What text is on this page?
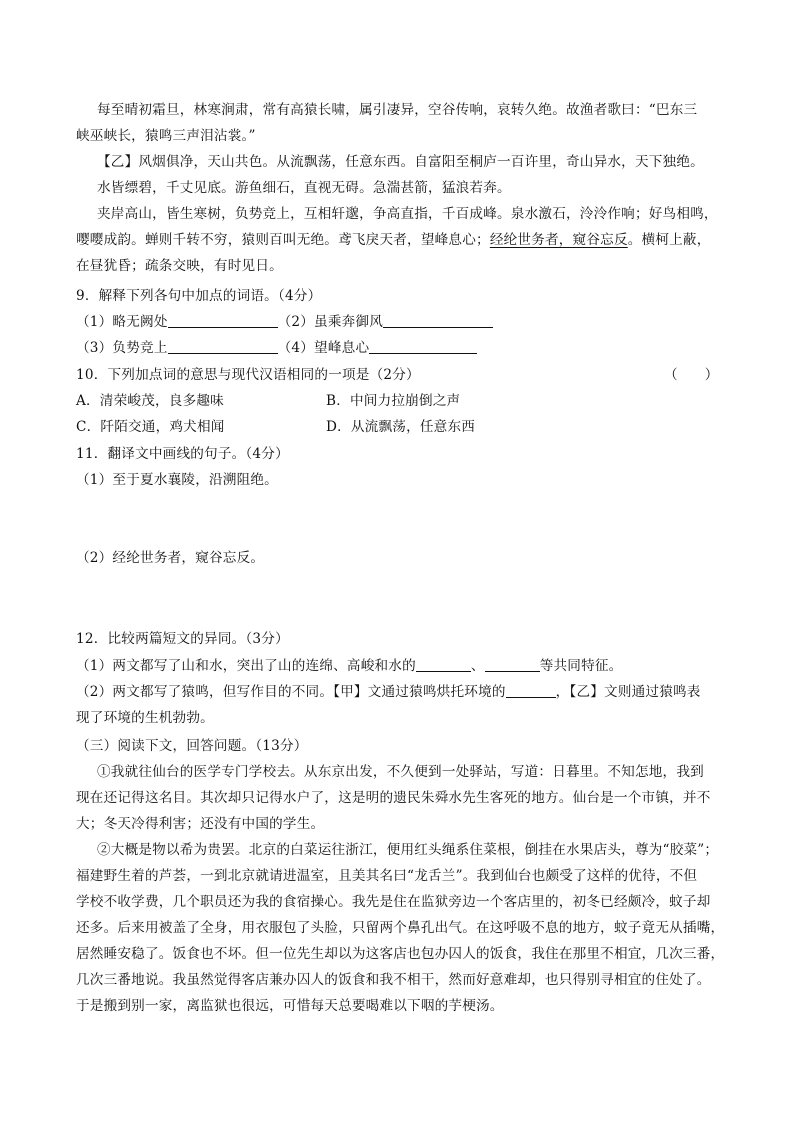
每至晴初霜旦，林寒涧肃，常有高猿长啸，属引凄异，空谷传响，哀转久绝。故渔者歌曰：“巴东三
峡巫峡长，猿鸣三声泪沾裳。”
【乙】风烟俱净，天山共色。从流飘荡，任意东西。自富阳至桐庐一百许里，奇山异水，天下独绝。
水皆缥碧，千丈见底。游鱼细石，直视无碍。急湍甚箭，猛浪若奔。
夹岸高山，皆生寒树，负势竞上，互相轩邈，争高直指，千百成峰。泉水激石，泠泠作响；好鸟相鸣，
嘤嘤成韵。蝉则千转不穷，猿则百叫无绝。鸢飞戾天者，望峰息心；经纶世务者，窥谷忘反。横柯上蔽，
在昼犹昏；疏条交映，有时见日。
9．解释下列各句中加点的词语。（4分）
（1）略无阙处	（2）虽乘奔御风
（3）负势竞上	（4）望峰息心
10．下列加点词的意思与现代汉语相同的一项是（2分）	（　　）
A．清荣峻茂，良多趣味	B．中间力拉崩倒之声
C．阡陌交通，鸡犬相闻	D．从流飘荡，任意东西
11．翻译文中画线的句子。（4分）
（1）至于夏水襄陵，沿溯阻绝。
（2）经纶世务者，窥谷忘反。
12．比较两篇短文的异同。（3分）
（1）两文都写了山和水，突出了山的连绵、高峻和水的	、	等共同特征。
（2）两文都写了猿鸣，但写作目的不同。【甲】文通过猿鸣烘托环境的	，【乙】文则通过猿鸣表
现了环境的生机勃勃。
（三）阅读下文，回答问题。（13分）
①我就往仙台的医学专门学校去。从东京出发，不久便到一处驿站，写道：日暮里。不知怎地，我到
现在还记得这名目。其次却只记得水户了，这是明的遗民朱舜水先生客死的地方。仙台是一个市镇，并不
大；冬天冷得利害；还没有中国的学生。
②大概是物以希为贵罢。北京的白菜运往浙江，便用红头绳系住菜根，倒挂在水果店头，尊为“胶菜”；
福建野生着的芦荟，一到北京就请进温室，且美其名曰“龙舌兰”。我到仙台也颇受了这样的优待，不但
学校不收学费，几个职员还为我的食宿操心。我先是住在监狱旁边一个客店里的，初冬已经颇冷，蚊子却
还多。后来用被盖了全身，用衣服包了头脸，只留两个鼻孔出气。在这呼吸不息的地方，蚊子竟无从插嘴，
居然睡安稳了。饭食也不坏。但一位先生却以为这客店也包办囚人的饭食，我住在那里不相宜，几次三番，
几次三番地说。我虽然觉得客店兼办囚人的饭食和我不相干，然而好意难却，也只得别寻相宜的住处了。
于是搬到别一家，离监狱也很远，可惜每天总要喝难以下咽的芋梗汤。
